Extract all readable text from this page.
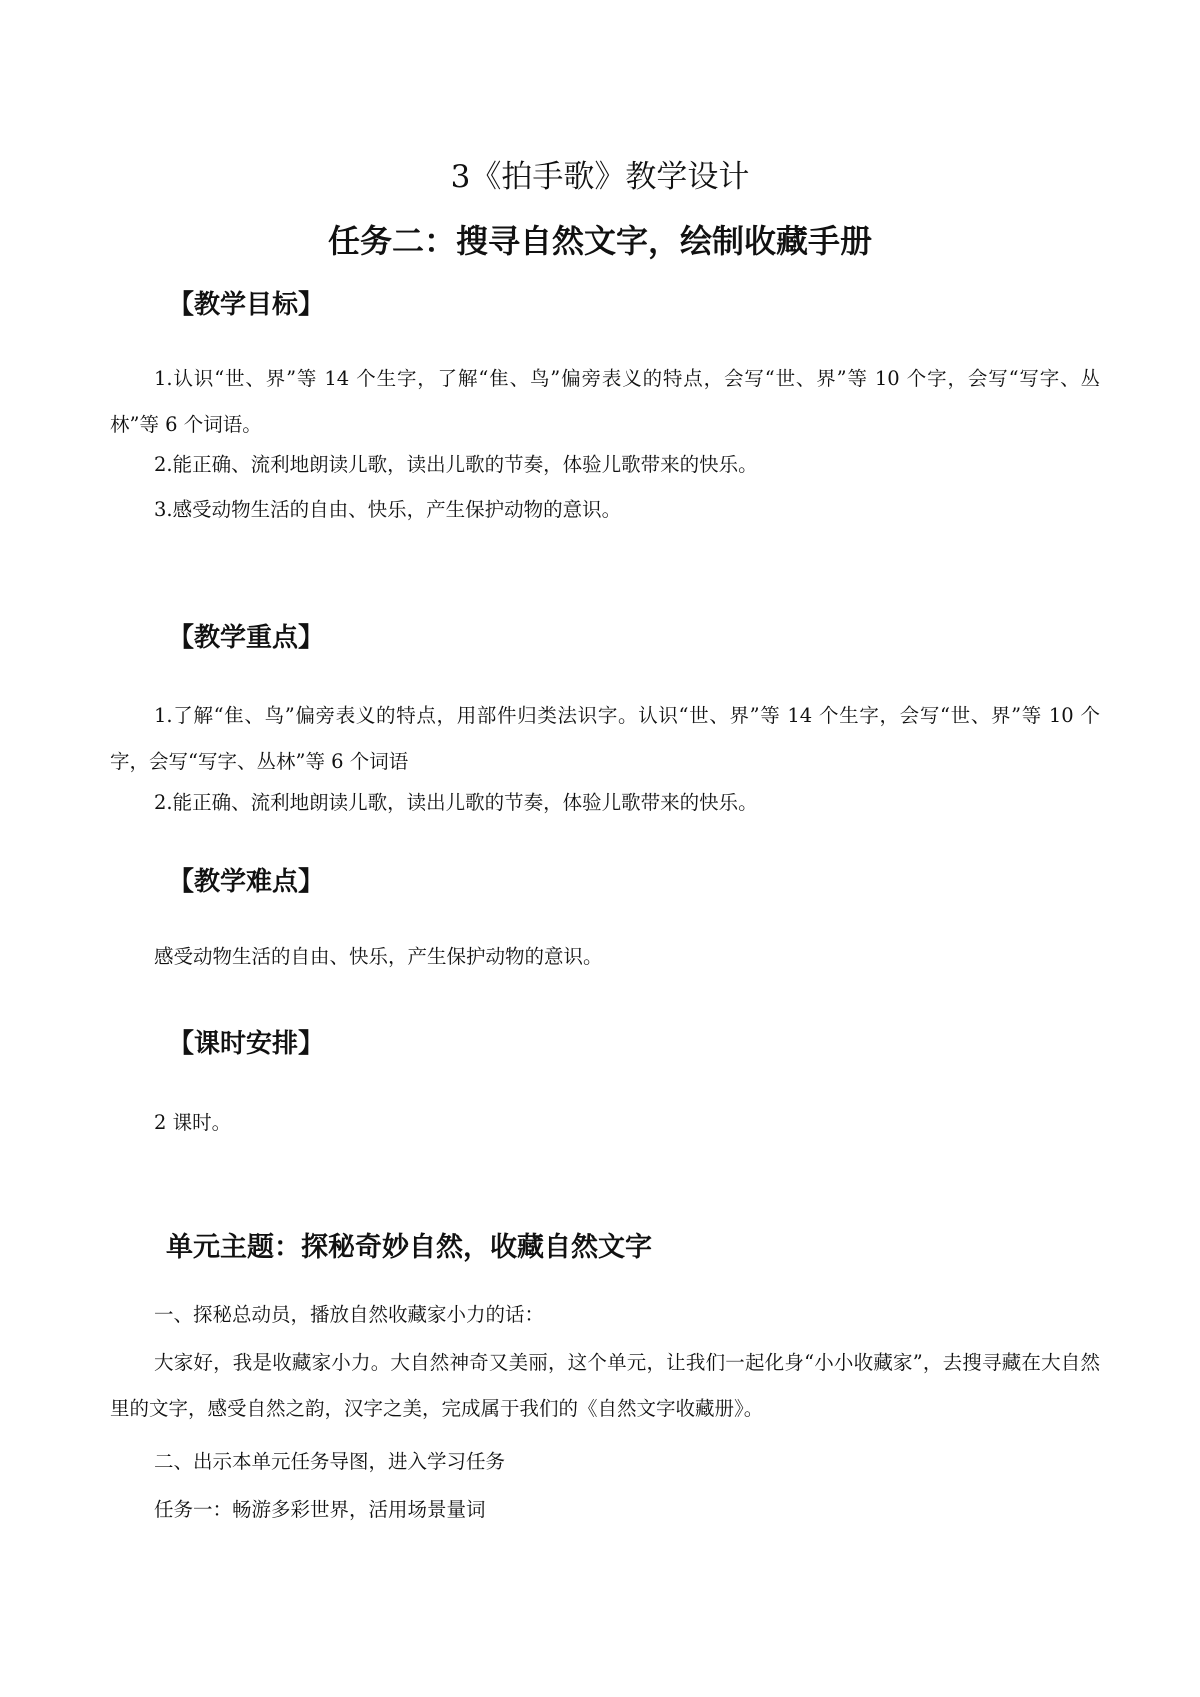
3《拍手歌》教学设计
任务二：搜寻自然文字，绘制收藏手册
【教学目标】

1.认识“世、界”等 14 个生字，了解“隹、鸟”偏旁表义的特点，会写“世、界”等 10 个字，会写“写字、丛林”等 6 个词语。

2.能正确、流利地朗读儿歌，读出儿歌的节奏，体验儿歌带来的快乐。

3.感受动物生活的自由、快乐，产生保护动物的意识。

【教学重点】

1.了解“隹、鸟”偏旁表义的特点，用部件归类法识字。认识“世、界”等 14 个生字，会写“世、界”等 10 个字，会写“写字、丛林”等 6 个词语

2.能正确、流利地朗读儿歌，读出儿歌的节奏，体验儿歌带来的快乐。

【教学难点】

感受动物生活的自由、快乐，产生保护动物的意识。

【课时安排】

2 课时。

单元主题：探秘奇妙自然，收藏自然文字

一、探秘总动员，播放自然收藏家小力的话：

大家好，我是收藏家小力。大自然神奇又美丽，这个单元，让我们一起化身“小小收藏家”，去搜寻藏在大自然里的文字，感受自然之韵，汉字之美，完成属于我们的《自然文字收藏册》。

二、出示本单元任务导图，进入学习任务

任务一：畅游多彩世界，活用场景量词
